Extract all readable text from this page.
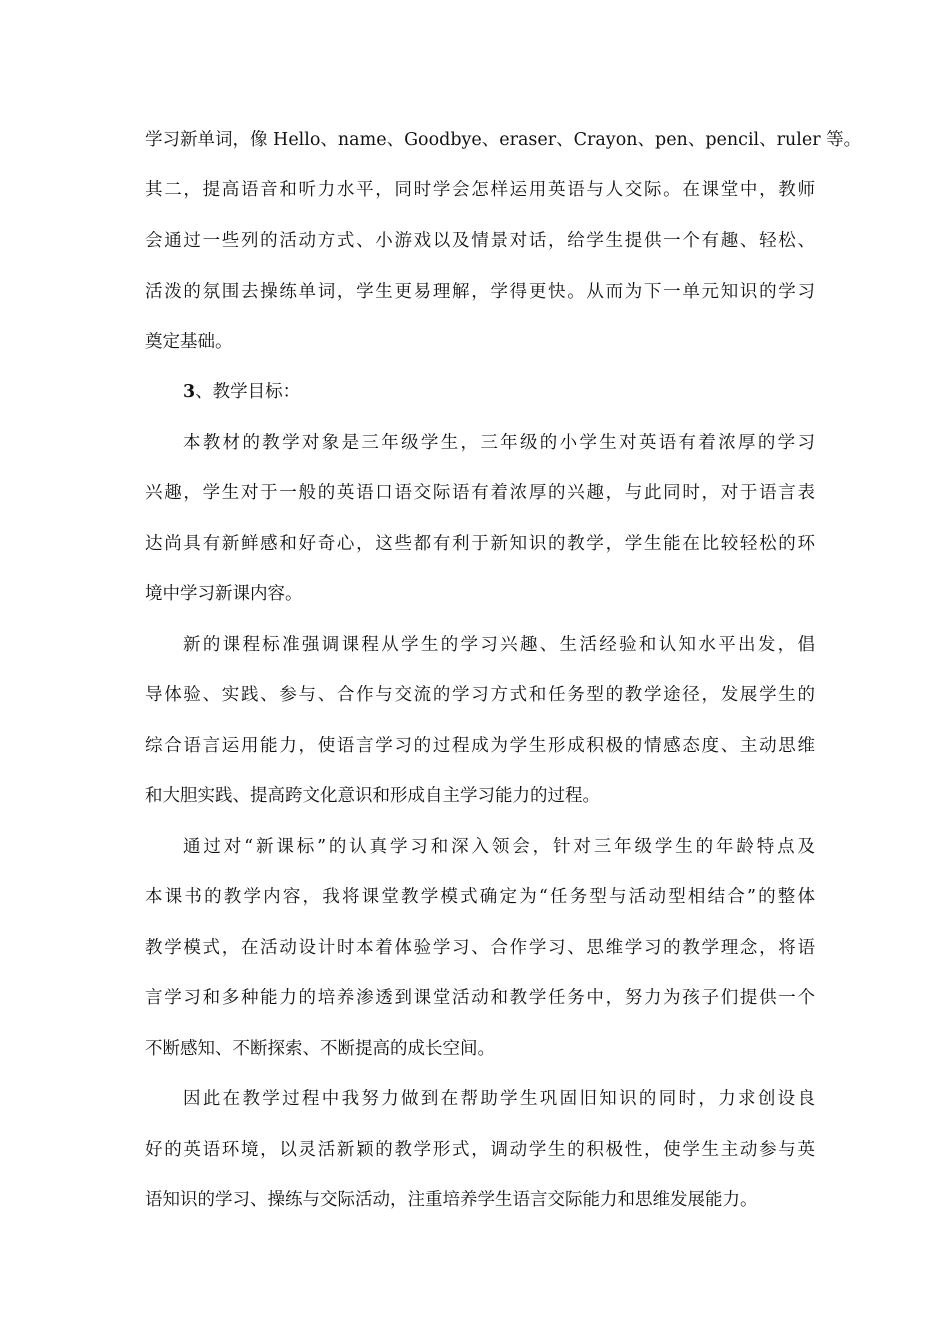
学习新单词，像 Hello、name、Goodbye、eraser、Crayon、pen、pencil、ruler 等。

其二，提高语音和听力水平，同时学会怎样运用英语与人交际。在课堂中，教师

会通过一些列的活动方式、小游戏以及情景对话，给学生提供一个有趣、轻松、

活泼的氛围去操练单词，学生更易理解，学得更快。从而为下一单元知识的学习

奠定基础。

3、教学目标：

本教材的教学对象是三年级学生，三年级的小学生对英语有着浓厚的学习

兴趣，学生对于一般的英语口语交际语有着浓厚的兴趣，与此同时，对于语言表

达尚具有新鲜感和好奇心，这些都有利于新知识的教学，学生能在比较轻松的环

境中学习新课内容。

新的课程标准强调课程从学生的学习兴趣、生活经验和认知水平出发，倡

导体验、实践、参与、合作与交流的学习方式和任务型的教学途径，发展学生的

综合语言运用能力，使语言学习的过程成为学生形成积极的情感态度、主动思维

和大胆实践、提高跨文化意识和形成自主学习能力的过程。

通过对“新课标”的认真学习和深入领会，针对三年级学生的年龄特点及

本课书的教学内容，我将课堂教学模式确定为“任务型与活动型相结合”的整体

教学模式，在活动设计时本着体验学习、合作学习、思维学习的教学理念，将语

言学习和多种能力的培养渗透到课堂活动和教学任务中，努力为孩子们提供一个

不断感知、不断探索、不断提高的成长空间。

因此在教学过程中我努力做到在帮助学生巩固旧知识的同时，力求创设良

好的英语环境，以灵活新颖的教学形式，调动学生的积极性，使学生主动参与英

语知识的学习、操练与交际活动，注重培养学生语言交际能力和思维发展能力。
